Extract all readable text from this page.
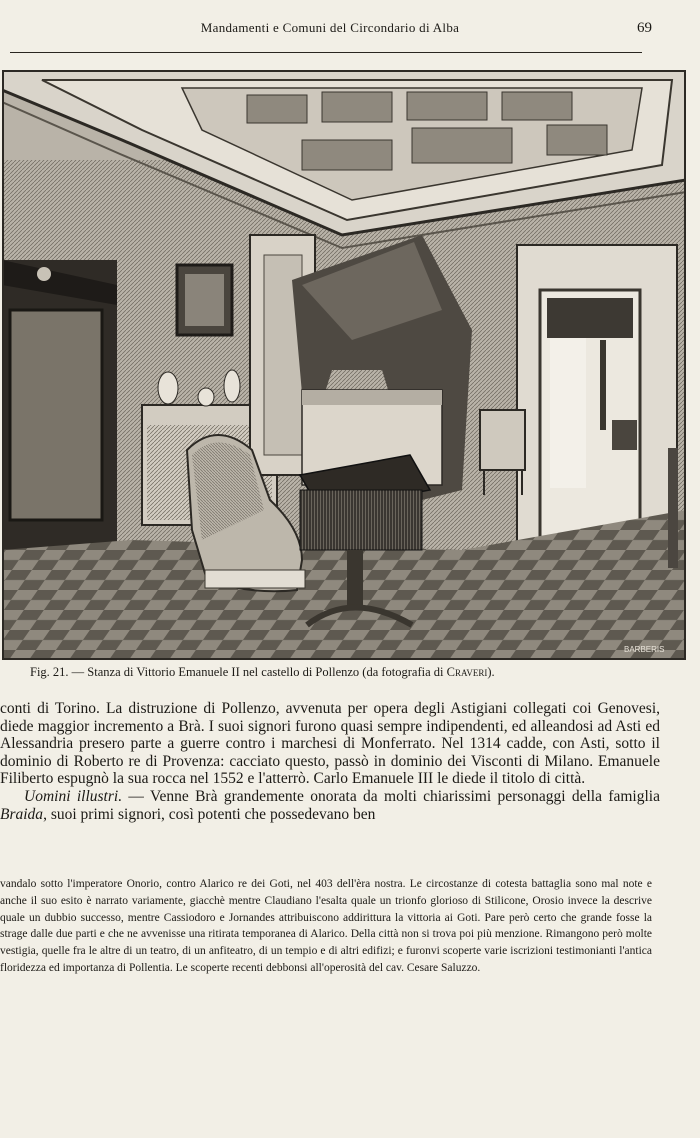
Mandamenti e Comuni del Circondario di Alba	69
BARBERIS
Fig. 21. — Stanza di Vittorio Emanuele II nel castello di Pollenzo (da fotografia di Craveri).

conti di Torino. La distruzione di Pollenzo, avvenuta per opera degli Astigiani collegati coi Genovesi, diede maggior incremento a Brà. I suoi signori furono quasi sempre indipendenti, ed alleandosi ad Asti ed Alessandria presero parte a guerre contro i marchesi di Monferrato. Nel 1314 cadde, con Asti, sotto il dominio di Roberto re di Provenza: cacciato questo, passò in dominio dei Visconti di Milano. Emanuele Filiberto espugnò la sua rocca nel 1552 e l'atterrò. Carlo Emanuele III le diede il titolo di città.

Uomini illustri. — Venne Brà grandemente onorata da molti chiarissimi personaggi della famiglia Braida, suoi primi signori, così potenti che possedevano ben

vandalo sotto l'imperatore Onorio, contro Alarico re dei Goti, nel 403 dell'èra nostra. Le circostanze di cotesta battaglia sono mal note e anche il suo esito è narrato variamente, giacchè mentre Claudiano l'esalta quale un trionfo glorioso di Stilicone, Orosio invece la descrive quale un dubbio successo, mentre Cassiodoro e Jornandes attribuiscono addirittura la vittoria ai Goti. Pare però certo che grande fosse la strage dalle due parti e che ne avvenisse una ritirata temporanea di Alarico. Della città non si trova poi più menzione. Rimangono però molte vestigia, quelle fra le altre di un teatro, di un anfiteatro, di un tempio e di altri edifizi; e furonvi scoperte varie iscrizioni testimonianti l'antica floridezza ed importanza di Pollentia. Le scoperte recenti debbonsi all'operosità del cav. Cesare Saluzzo.
